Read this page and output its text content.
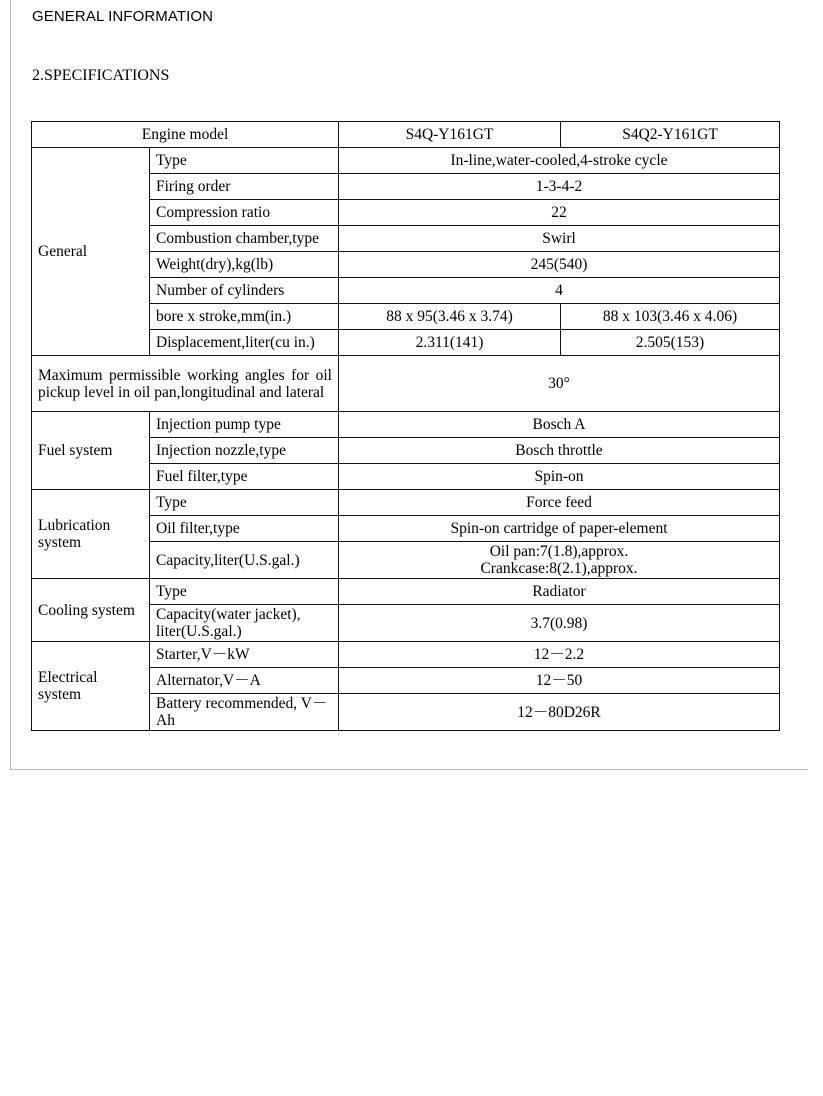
GENERAL INFORMATION
2.SPECIFICATIONS
Engine model		S4Q-Y161GT	S4Q2-Y161GT
General	Type	In-line,water-cooled,4-stroke cycle	
	Firing order	1-3-4-2	
	Compression ratio	22	
	Combustion chamber,type	Swirl	
	Weight(dry),kg(lb)	245(540)	
	Number of cylinders	4	
	bore x stroke,mm(in.)	88 x 95(3.46 x 3.74)	88 x 103(3.46 x 4.06)
	Displacement,liter(cu in.)	2.311(141)	2.505(153)
Maximum permissible working angles for oil pickup level in oil pan,longitudinal and lateral		30°	
Fuel system	Injection pump type	Bosch A	
	Injection nozzle,type	Bosch throttle	
	Fuel filter,type	Spin-on	
Lubrication system	Type	Force feed	
	Oil filter,type	Spin-on cartridge of paper-element	
	Capacity,liter(U.S.gal.)	Oil pan:7(1.8),approx.
Crankcase:8(2.1),approx.	

Cooling system	Type	Radiator	
	Capacity(water jacket), liter(U.S.gal.)	3.7(0.98)	
Electrical system	Starter,V－kW	12－2.2	
	Alternator,V－A	12－50	
	Battery recommended, V－Ah	12－80D26R	
